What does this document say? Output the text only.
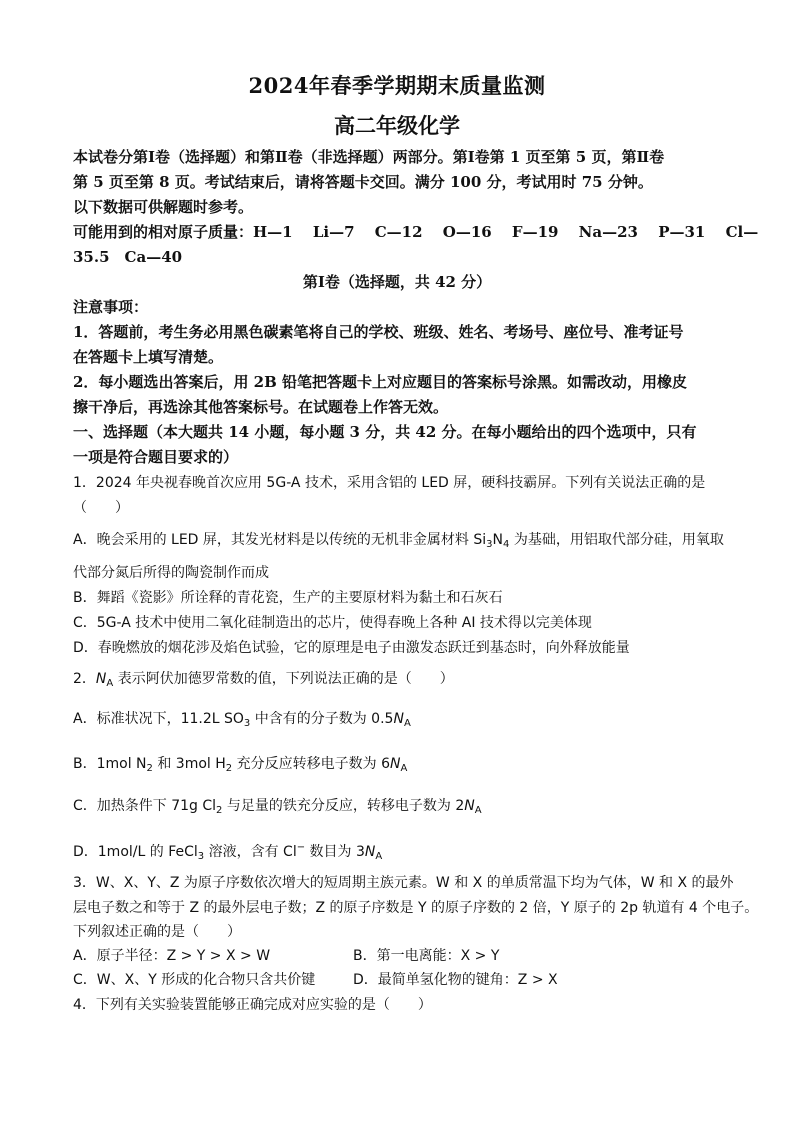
2024年春季学期期末质量监测
高二年级化学
本试卷分第Ⅰ卷（选择题）和第Ⅱ卷（非选择题）两部分。第Ⅰ卷第 1 页至第 5 页，第Ⅱ卷
第 5 页至第 8 页。考试结束后，请将答题卡交回。满分 100 分，考试用时 75 分钟。
以下数据可供解题时参考。
可能用到的相对原子质量：H—1　 Li—7　 C—12　 O—16　 F—19　 Na—23　 P—31　 Cl—
35.5　Ca—40
第Ⅰ卷（选择题，共 42 分）
注意事项：
1．答题前，考生务必用黑色碳素笔将自己的学校、班级、姓名、考场号、座位号、准考证号
在答题卡上填写清楚。
2．每小题选出答案后，用 2B 铅笔把答题卡上对应题目的答案标号涂黑。如需改动，用橡皮
擦干净后，再选涂其他答案标号。在试题卷上作答无效。
一、选择题（本大题共 14 小题，每小题 3 分，共 42 分。在每小题给出的四个选项中，只有
一项是符合题目要求的）
1．2024 年央视春晚首次应用 5G-A 技术，采用含铝的 LED 屏，硬科技霸屏。下列有关说法正确的是
（　　）
A．晚会采用的 LED 屏，其发光材料是以传统的无机非金属材料 $Si_3N_4$ 为基础，用铝取代部分硅，用氧取
代部分氮后所得的陶瓷制作而成
B．舞蹈《瓷影》所诠释的青花瓷，生产的主要原材料为黏土和石灰石
C．5G-A 技术中使用二氧化硅制造出的芯片，使得春晚上各种 AI 技术得以完美体现
D．春晚燃放的烟花涉及焰色试验，它的原理是电子由激发态跃迁到基态时，向外释放能量
2．$N_A$ 表示阿伏加德罗常数的值，下列说法正确的是（　　）
A．标准状况下，11.2L $SO_3$ 中含有的分子数为 $0.5N_A$
B．1mol $N_2$ 和 3mol $H_2$ 充分反应转移电子数为 $6N_A$
C．加热条件下 71g $Cl_2$ 与足量的铁充分反应，转移电子数为 $2N_A$
D．1mol/L 的 FeCl$_3$ 溶液，含有 Cl− 数目为 $3N_A$
3．W、X、Y、Z 为原子序数依次增大的短周期主族元素。W 和 X 的单质常温下均为气体，W 和 X 的最外
层电子数之和等于 Z 的最外层电子数；Z 的原子序数是 Y 的原子序数的 2 倍，Y 原子的 2p 轨道有 4 个电子。
下列叙述正确的是（　　）
A．原子半径：Z > Y > X > W	B．第一电离能：X > Y
C．W、X、Y 形成的化合物只含共价键	D．最简单氢化物的键角：Z > X
4．下列有关实验装置能够正确完成对应实验的是（　　）
